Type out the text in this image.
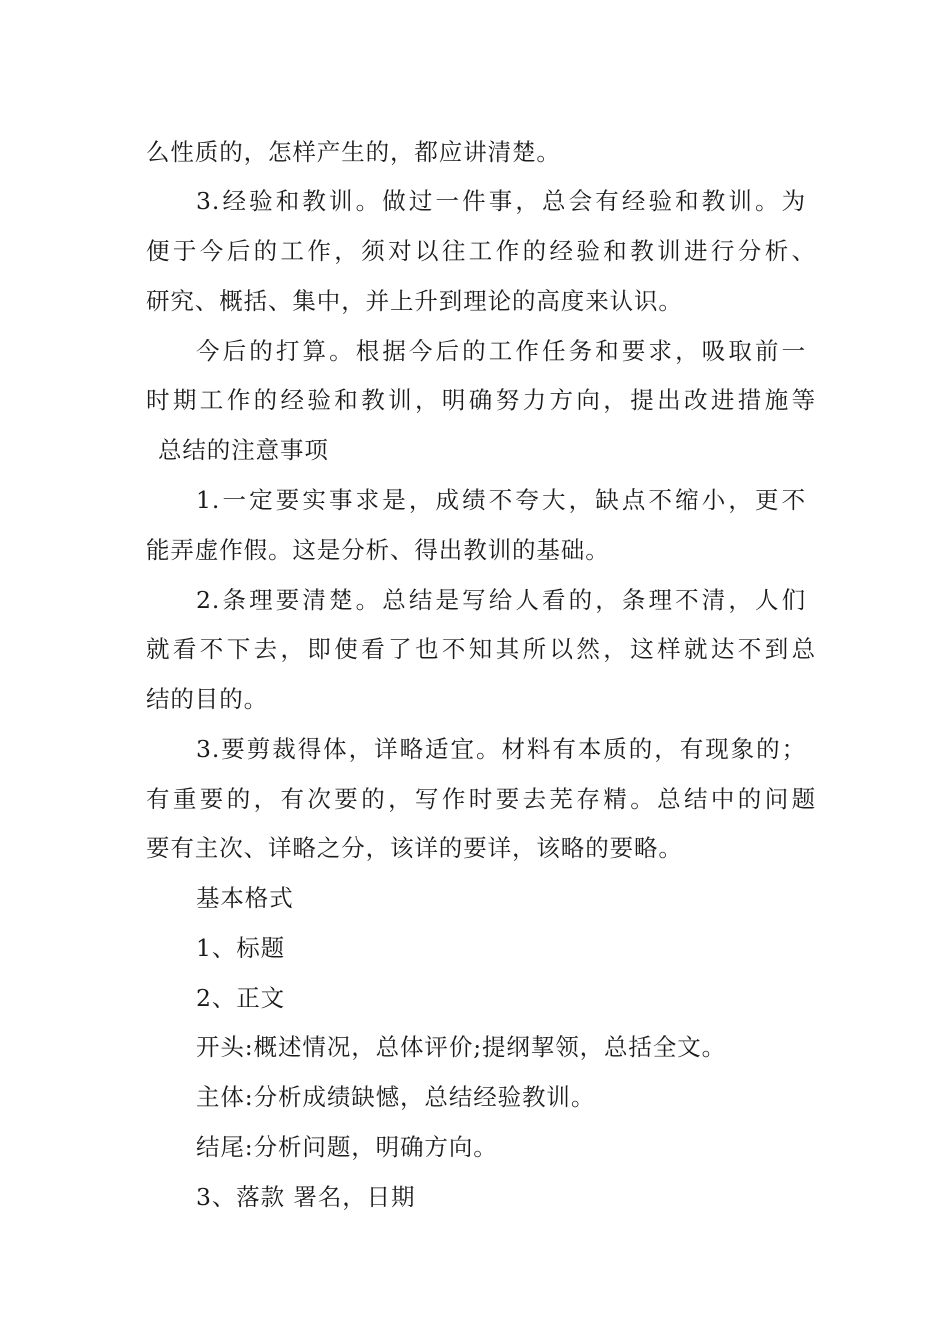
么性质的，怎样产生的，都应讲清楚。
3.经验和教训。做过一件事，总会有经验和教训。为
便于今后的工作，须对以往工作的经验和教训进行分析、
研究、概括、集中，并上升到理论的高度来认识。
今后的打算。根据今后的工作任务和要求，吸取前一
时期工作的经验和教训，明确努力方向，提出改进措施等
总结的注意事项
1.一定要实事求是，成绩不夸大，缺点不缩小，更不
能弄虚作假。这是分析、得出教训的基础。
2.条理要清楚。总结是写给人看的，条理不清，人们
就看不下去，即使看了也不知其所以然，这样就达不到总
结的目的。
3.要剪裁得体，详略适宜。材料有本质的，有现象的；
有重要的，有次要的，写作时要去芜存精。总结中的问题
要有主次、详略之分，该详的要详，该略的要略。
基本格式
1、标题
2、正文
开头:概述情况，总体评价;提纲挈领，总括全文。
主体:分析成绩缺憾，总结经验教训。
结尾:分析问题，明确方向。
3、落款 署名，日期
